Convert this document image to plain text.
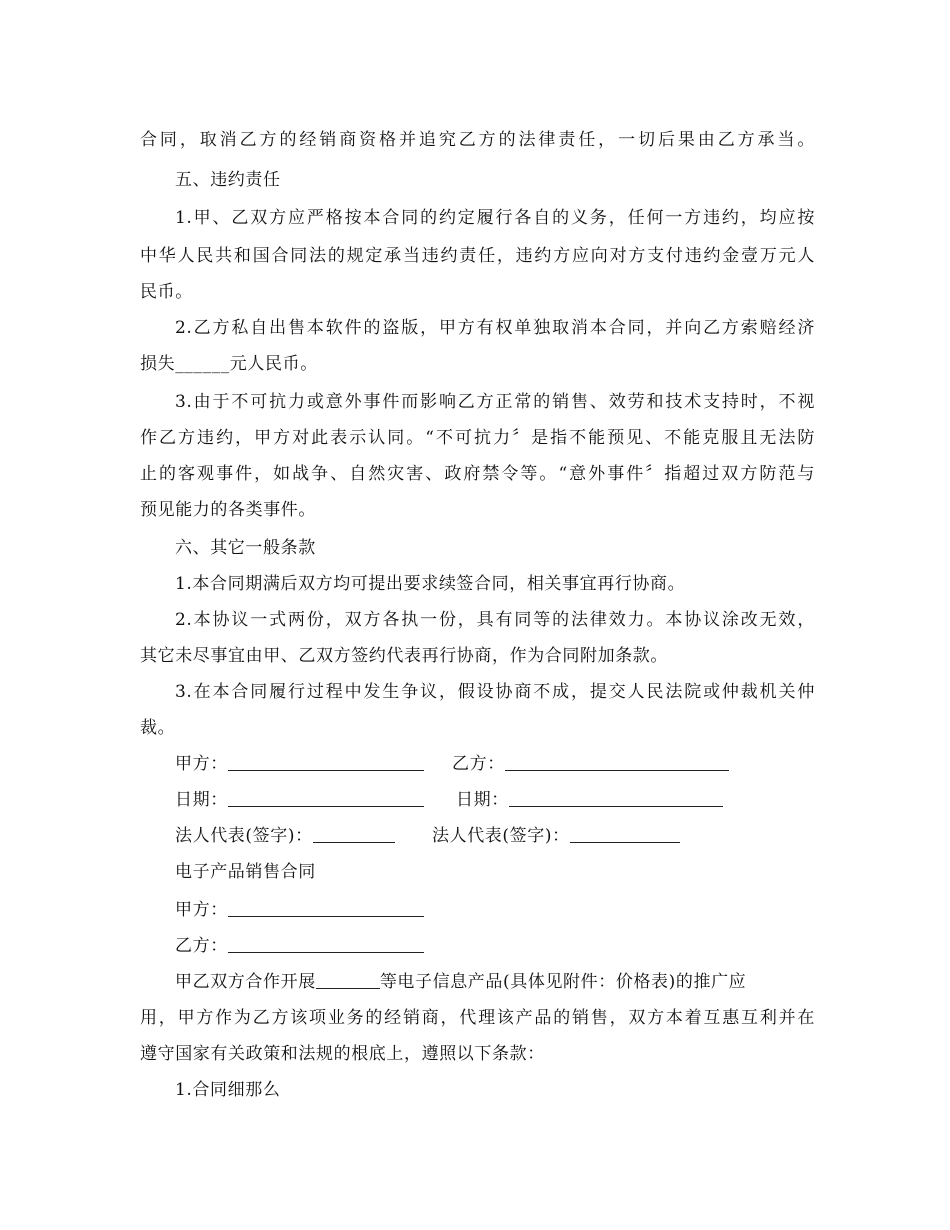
合同，取消乙方的经销商资格并追究乙方的法律责任，一切后果由乙方承当。
五、违约责任
1.甲、乙双方应严格按本合同的约定履行各自的义务，任何一方违约，均应按
中华人民共和国合同法的规定承当违约责任，违约方应向对方支付违约金壹万元人
民币。
2.乙方私自出售本软件的盗版，甲方有权单独取消本合同，并向乙方索赔经济
损失______元人民币。
3.由于不可抗力或意外事件而影响乙方正常的销售、效劳和技术支持时，不视
作乙方违约，甲方对此表示认同。“不可抗力〞是指不能预见、不能克服且无法防
止的客观事件，如战争、自然灾害、政府禁令等。“意外事件〞指超过双方防范与
预见能力的各类事件。
六、其它一般条款
1.本合同期满后双方均可提出要求续签合同，相关事宜再行协商。
2.本协议一式两份，双方各执一份，具有同等的法律效力。本协议涂改无效，
其它未尽事宜由甲、乙双方签约代表再行协商，作为合同附加条款。
3.在本合同履行过程中发生争议，假设协商不成，提交人民法院或仲裁机关仲
裁。
甲方：	乙方：
日期：	日期：
法人代表(签字)：	法人代表(签字)：
电子产品销售合同
甲方：
乙方：
甲乙双方合作开展	等电子信息产品(具体见附件：价格表)的推广应
用，甲方作为乙方该项业务的经销商，代理该产品的销售，双方本着互惠互利并在
遵守国家有关政策和法规的根底上，遵照以下条款：
1.合同细那么
